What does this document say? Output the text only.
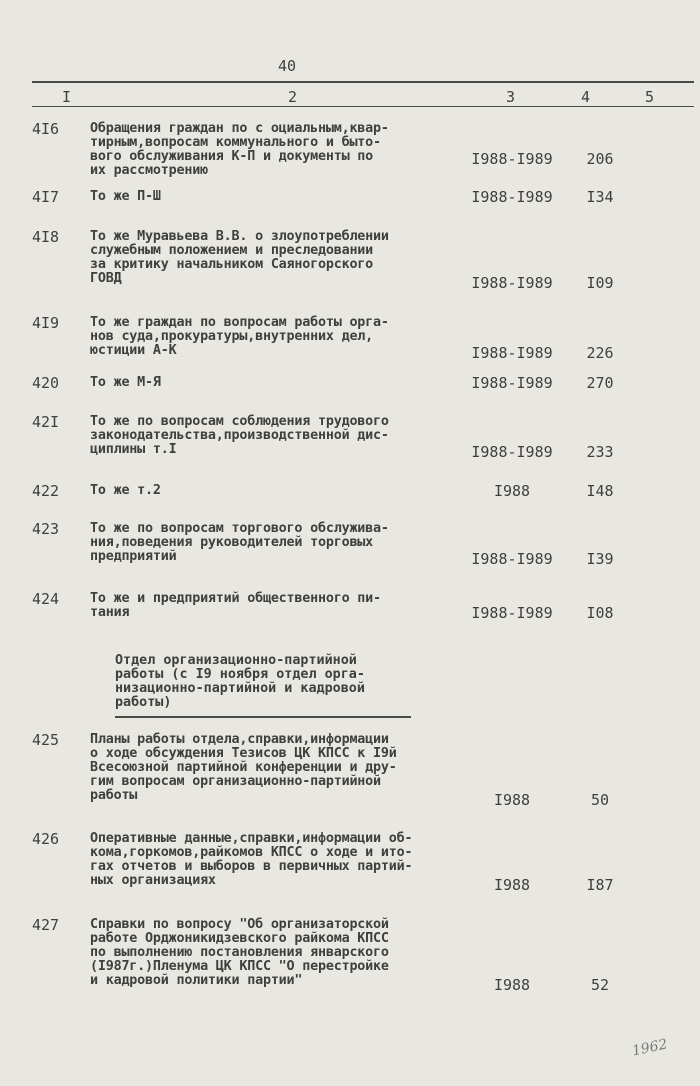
40
I	2	3	4	5
4I6 Обращения граждан по с оциальным,квар-
тирным,вопросам коммунального и быто-
вого обслуживания К-П и документы по
их рассмотрению
I988-I989	206
4I7 То же П-Ш	I988-I989	I34
4I8 То же Муравьева В.В. о злоупотреблении
служебным положением и преследовании
за критику начальником Саяногорского
ГОВД	I988-I989	I09
4I9 То же граждан по вопросам работы орга-
нов суда,прокуратуры,внутренних дел,
юстиции А-К	I988-I989	226
420 То же М-Я	I988-I989	270
42I То же по вопросам соблюдения трудового
законодательства,производственной дис-
циплины т.I	I988-I989	233
422 То же т.2	I988	I48
423 То же по вопросам торгового обслужива-
ния,поведения руководителей торговых
предприятий	I988-I989	I39
424 То же и предприятий общественного пи-
тания	I988-I989	I08
Отдел организационно-партийной
работы (с I9 ноября отдел орга-
низационно-партийной и кадровой
работы)
425 Планы работы отдела,справки,информации
о ходе обсуждения Тезисов ЦК КПСС к I9й
Всесоюзной партийной конференции и дру-
гим вопросам организационно-партийной
работы	I988	50
426 Оперативные данные,справки,информации об-
кома,горкомов,райкомов КПСС о ходе и ито-
гах отчетов и выборов в первичных партий-
ных организациях	I988	I87
427 Справки по вопросу "Об организаторской
работе Орджоникидзевского райкома КПСС
по выполнению постановления январского
(I987г.)Пленума ЦК КПСС "О перестройке
и кадровой политики партии"	I988	52
1962
